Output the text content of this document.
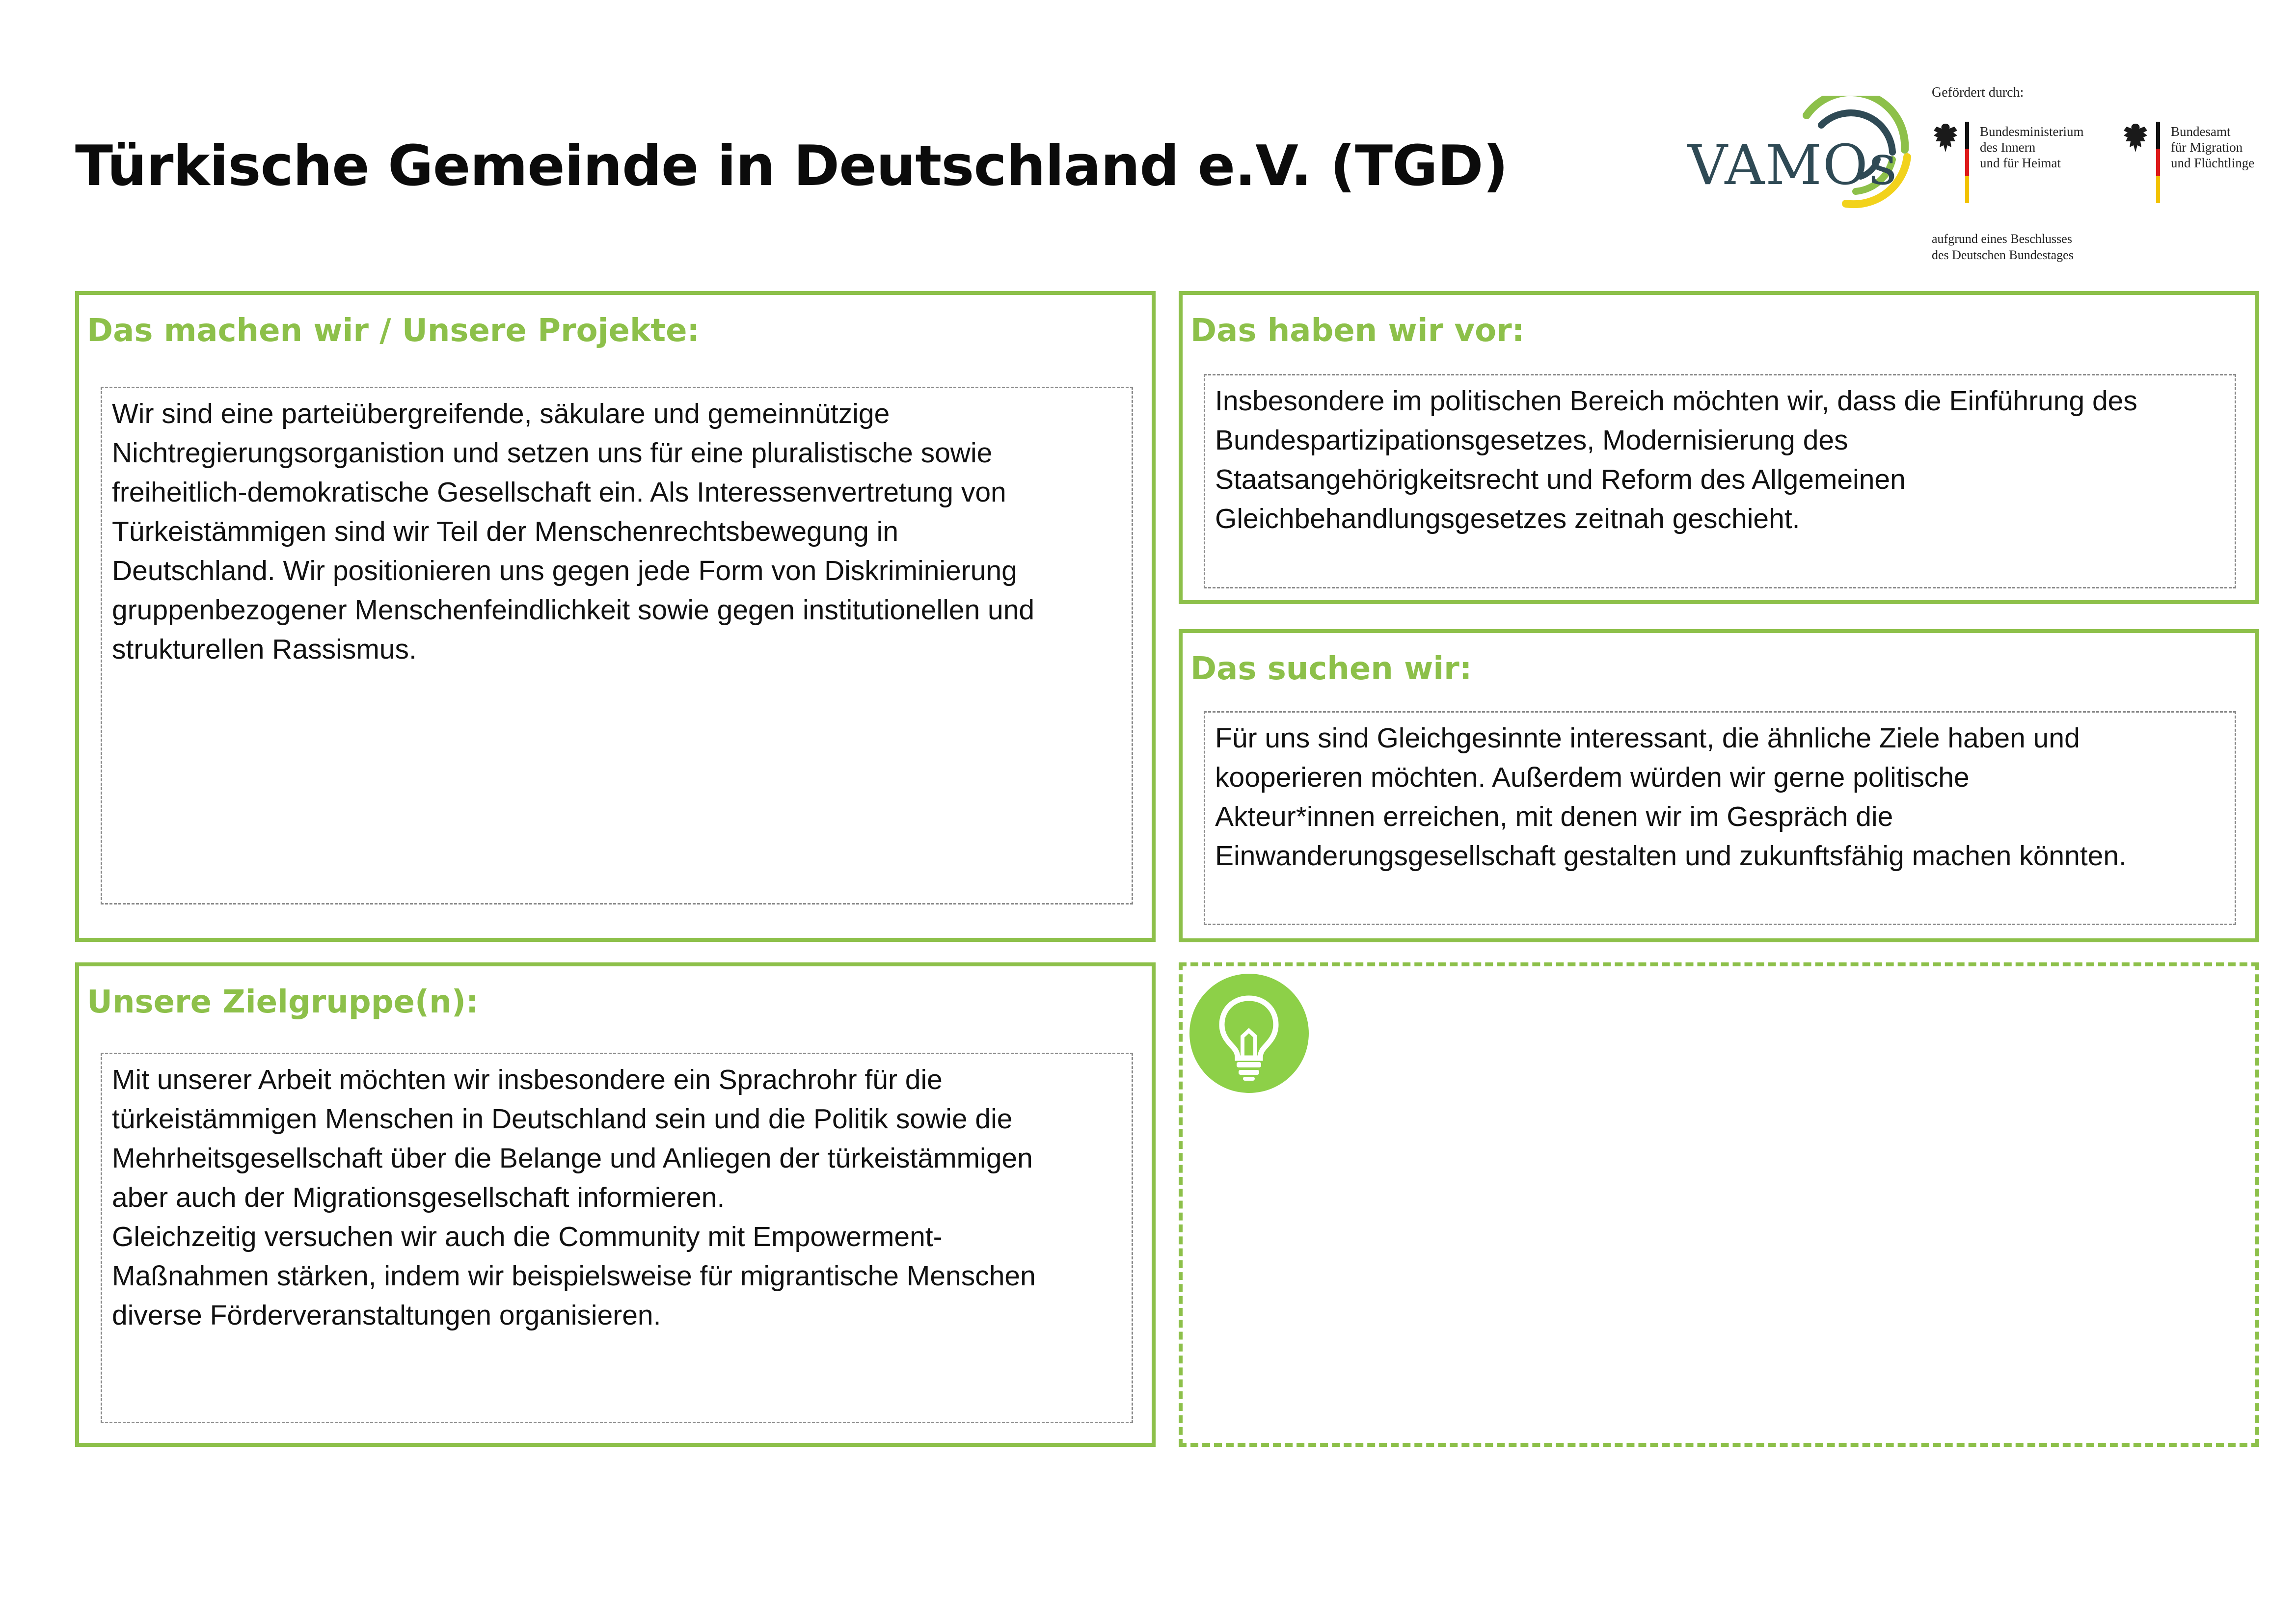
Türkische Gemeinde in Deutschland e.V. (TGD)	VAMOs
Gefördert durch:
Bundesministerium
des Innern
und für Heimat
Bundesamt
für Migration
und Flüchtlinge
aufgrund eines Beschlusses
des Deutschen Bundestages
Das machen wir / Unsere Projekte:
Wir sind eine parteiübergreifende, säkulare und gemeinnützige
Nichtregierungsorganistion und setzen uns für eine pluralistische sowie
freiheitlich-demokratische Gesellschaft ein. Als Interessenvertretung von
Türkeistämmigen sind wir Teil der Menschenrechtsbewegung in
Deutschland. Wir positionieren uns gegen jede Form von Diskriminierung
gruppenbezogener Menschenfeindlichkeit sowie gegen institutionellen und
strukturellen Rassismus.
Das haben wir vor:
Insbesondere im politischen Bereich möchten wir, dass die Einführung des
Bundespartizipationsgesetzes, Modernisierung des
Staatsangehörigkeitsrecht und Reform des Allgemeinen
Gleichbehandlungsgesetzes zeitnah geschieht.
Das suchen wir:
Für uns sind Gleichgesinnte interessant, die ähnliche Ziele haben und
kooperieren möchten. Außerdem würden wir gerne politische
Akteur*innen erreichen, mit denen wir im Gespräch die
Einwanderungsgesellschaft gestalten und zukunftsfähig machen könnten.
Unsere Zielgruppe(n):
Mit unserer Arbeit möchten wir insbesondere ein Sprachrohr für die
türkeistämmigen Menschen in Deutschland sein und die Politik sowie die
Mehrheitsgesellschaft über die Belange und Anliegen der türkeistämmigen
aber auch der Migrationsgesellschaft informieren.
Gleichzeitig versuchen wir auch die Community mit Empowerment-
Maßnahmen stärken, indem wir beispielsweise für migrantische Menschen
diverse Förderveranstaltungen organisieren.
